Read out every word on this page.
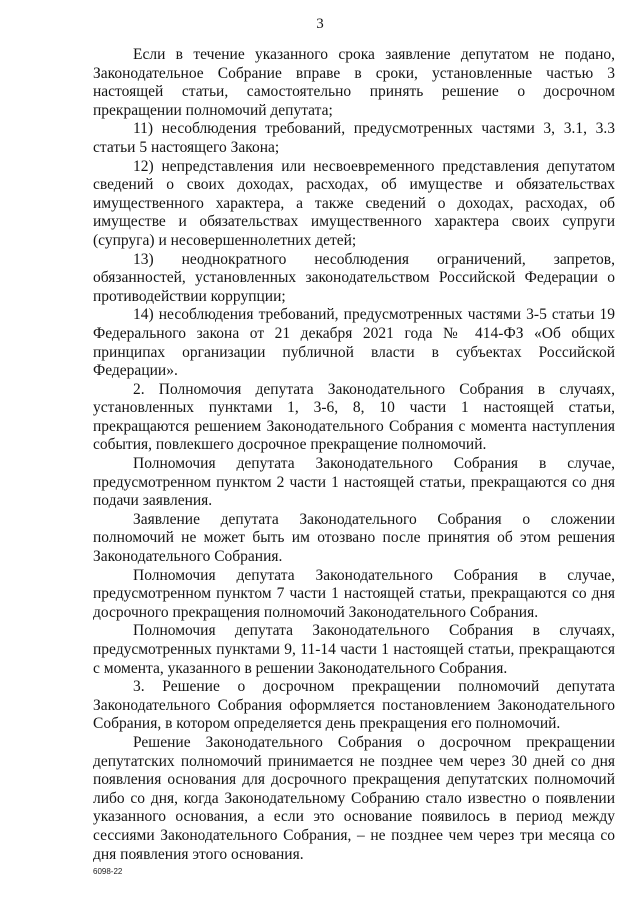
3

Если в течение указанного срока заявление депутатом не подано, Законодательное Собрание вправе в сроки, установленные частью 3 настоящей статьи, самостоятельно принять решение о досрочном прекращении полномочий депутата;

11) несоблюдения требований, предусмотренных частями 3, 3.1, 3.3 статьи 5 настоящего Закона;

12) непредставления или несвоевременного представления депутатом сведений о своих доходах, расходах, об имуществе и обязательствах имущественного характера, а также сведений о доходах, расходах, об имуществе и обязательствах имущественного характера своих супруги (супруга) и несовершеннолетних детей;

13) неоднократного несоблюдения ограничений, запретов, обязанностей, установленных законодательством Российской Федерации о противодействии коррупции;

14) несоблюдения требований, предусмотренных частями 3-5 статьи 19 Федерального закона от 21 декабря 2021 года № 414-ФЗ «Об общих принципах организации публичной власти в субъектах Российской Федерации».

2. Полномочия депутата Законодательного Собрания в случаях, установленных пунктами 1, 3-6, 8, 10 части 1 настоящей статьи, прекращаются решением Законодательного Собрания с момента наступления события, повлекшего досрочное прекращение полномочий.

Полномочия депутата Законодательного Собрания в случае, предусмотренном пунктом 2 части 1 настоящей статьи, прекращаются со дня подачи заявления.

Заявление депутата Законодательного Собрания о сложении полномочий не может быть им отозвано после принятия об этом решения Законодательного Собрания.

Полномочия депутата Законодательного Собрания в случае, предусмотренном пунктом 7 части 1 настоящей статьи, прекращаются со дня досрочного прекращения полномочий Законодательного Собрания.

Полномочия депутата Законодательного Собрания в случаях, предусмотренных пунктами 9, 11-14 части 1 настоящей статьи, прекращаются с момента, указанного в решении Законодательного Собрания.

3. Решение о досрочном прекращении полномочий депутата Законодательного Собрания оформляется постановлением Законодательного Собрания, в котором определяется день прекращения его полномочий.

Решение Законодательного Собрания о досрочном прекращении депутатских полномочий принимается не позднее чем через 30 дней со дня появления основания для досрочного прекращения депутатских полномочий либо со дня, когда Законодательному Собранию стало известно о появлении указанного основания, а если это основание появилось в период между сессиями Законодательного Собрания, – не позднее чем через три месяца со дня появления этого основания.

6098-22
